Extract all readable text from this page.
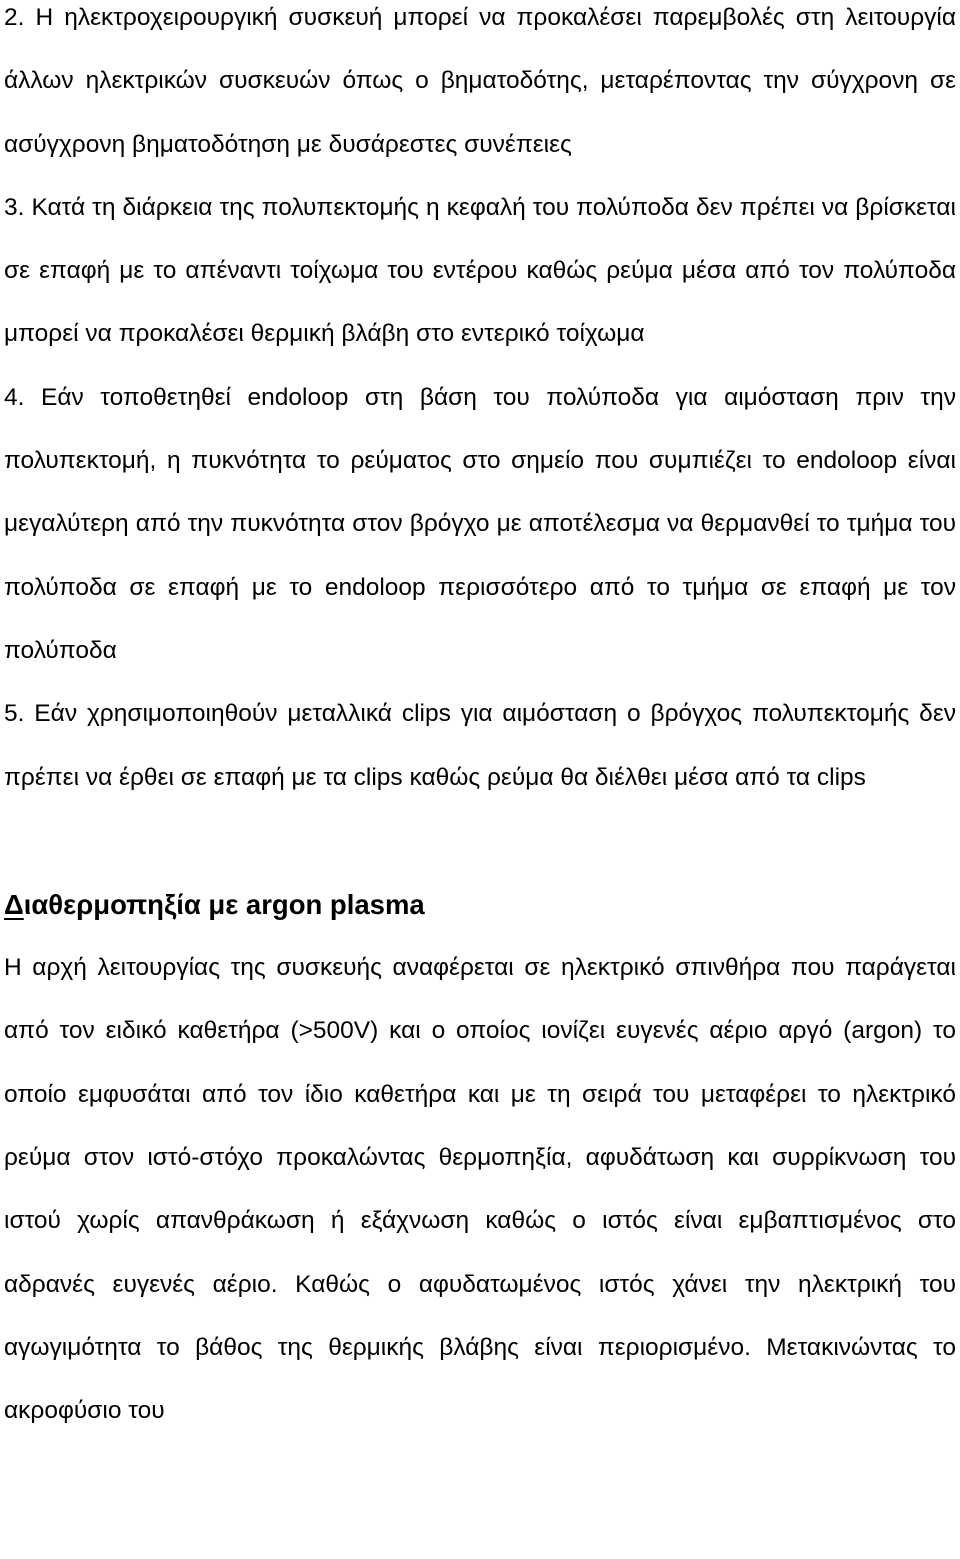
2. Η ηλεκτροχειρουργική συσκευή μπορεί να προκαλέσει παρεμβολές στη λειτουργία άλλων ηλεκτρικών συσκευών όπως ο βηματοδότης, μεταρέποντας την σύγχρονη σε ασύγχρονη βηματοδότηση με δυσάρεστες συνέπειες

3. Κατά τη διάρκεια της πολυπεκτομής η κεφαλή του πολύποδα δεν πρέπει να βρίσκεται σε επαφή με το απέναντι τοίχωμα του εντέρου καθώς ρεύμα μέσα από τον πολύποδα μπορεί να προκαλέσει θερμική βλάβη στο εντερικό τοίχωμα

4. Εάν τοποθετηθεί endoloop στη βάση του πολύποδα για αιμόσταση πριν την πολυπεκτομή, η πυκνότητα το ρεύματος στο σημείο που συμπιέζει το endoloop είναι μεγαλύτερη από την πυκνότητα στον βρόγχο με αποτέλεσμα να θερμανθεί το τμήμα του πολύποδα σε επαφή με το endoloop περισσότερο από το τμήμα σε επαφή με τον πολύποδα

5. Εάν χρησιμοποιηθούν μεταλλικά clips για αιμόσταση ο βρόγχος πολυπεκτομής δεν πρέπει να έρθει σε επαφή με τα clips καθώς ρεύμα θα διέλθει μέσα από τα clips

Διαθερμοπηξία με argon plasma

Η αρχή λειτουργίας της συσκευής αναφέρεται σε ηλεκτρικό σπινθήρα που παράγεται από τον ειδικό καθετήρα (>500V) και ο οποίος ιονίζει ευγενές αέριο αργό (argon) το οποίο εμφυσάται από τον ίδιο καθετήρα και με τη σειρά του μεταφέρει το ηλεκτρικό ρεύμα στον ιστό-στόχο προκαλώντας θερμοπηξία, αφυδάτωση και συρρίκνωση του ιστού χωρίς απανθράκωση ή εξάχνωση καθώς ο ιστός είναι εμβαπτισμένος στο αδρανές ευγενές αέριο. Καθώς ο αφυδατωμένος ιστός χάνει την ηλεκτρική του αγωγιμότητα το βάθος της θερμικής βλάβης είναι περιορισμένο. Μετακινώντας το ακροφύσιο του
